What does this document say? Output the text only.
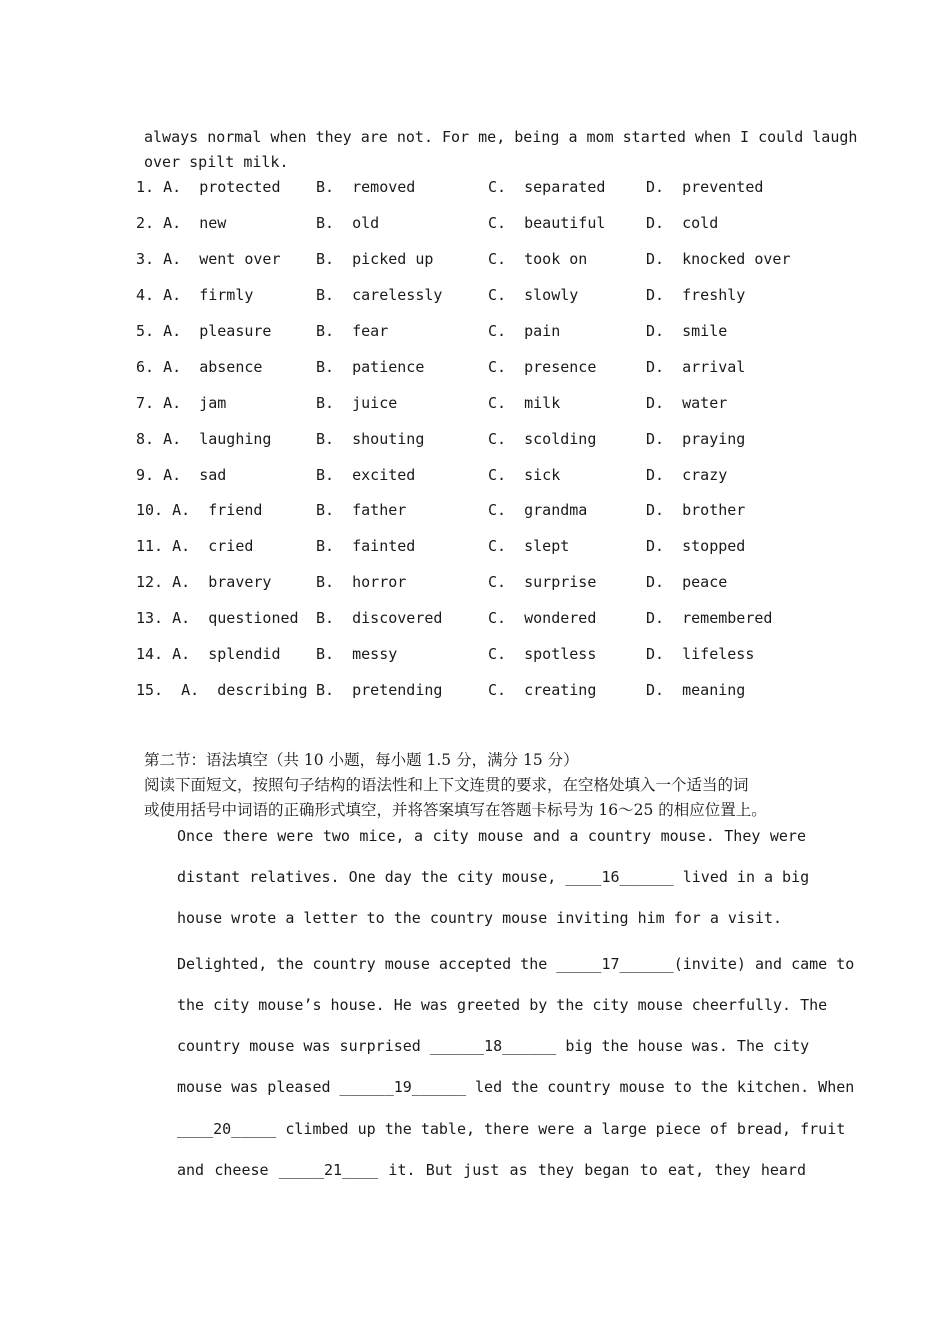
always normal when they are not. For me, being a mom started when I could laugh
over spilt milk.

1. A.  protected

B.  removed

	C.  separated

	D.  prevented

2. A.  new

	B.  old

	C.  beautiful

	D.  cold

3. A.  went over

B.  picked up

	C.  took on

	D.  knocked over

4. A.  firmly

	B.  carelessly

	C.  slowly

	D.  freshly

5. A.  pleasure

	B.  fear

	C.  pain

	D.  smile

6. A.  absence

	B.  patience

	C.  presence

	D.  arrival

7. A.  jam

	B.  juice

	C.  milk

	D.  water

8. A.  laughing

	B.  shouting

	C.  scolding

	D.  praying

9. A.  sad

	B.  excited

	C.  sick

	D.  crazy

10. A.  friend

	B.  father

	C.  grandma

	D.  brother

11. A.  cried

	B.  fainted

	C.  slept

	D.  stopped

12. A.  bravery

	B.  horror

	C.  surprise

	D.  peace

13. A.  questioned

B.  discovered

	C.  wondered

	D.  remembered

14. A.  splendid

B.  messy

	C.  spotless

	D.  lifeless

15.  A.  describing

B.  pretending

	C.  creating

	D.  meaning

第二节：语法填空（共 10 小题，每小题 1.5 分，满分 15 分）
阅读下面短文，按照句子结构的语法性和上下文连贯的要求，在空格处填入一个适当的词
或使用括号中词语的正确形式填空，并将答案填写在答题卡标号为 16～25 的相应位置上。
Once there were two mice, a city mouse and a country mouse. They were
distant relatives. One day the city mouse, ____16______ lived in a big
house wrote a letter to the country mouse inviting him for a visit.
Delighted, the country mouse accepted the _____17______(invite) and came to
the city mouse’s house. He was greeted by the city mouse cheerfully. The
country mouse was surprised ______18______ big the house was. The city
mouse was pleased ______19______ led the country mouse to the kitchen. When
____20_____ climbed up the table, there were a large piece of bread, fruit
and cheese _____21____ it. But just as they began to eat, they heard
